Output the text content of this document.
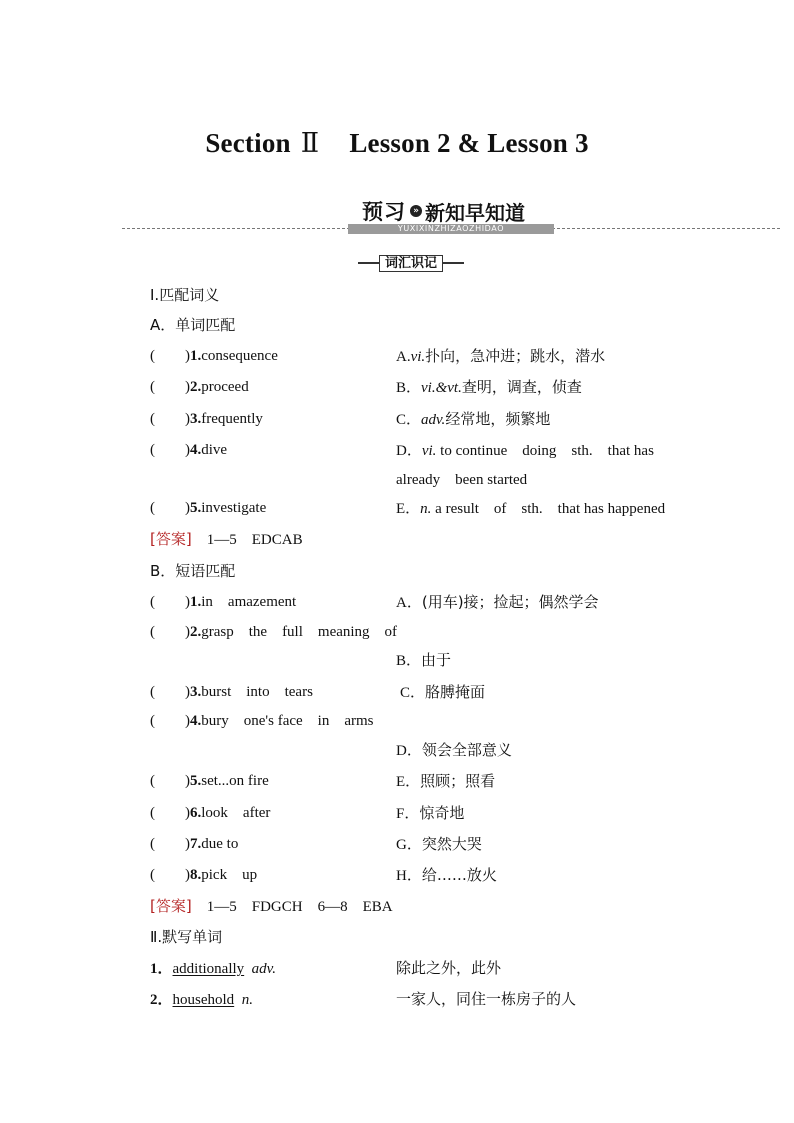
Section Ⅱ Lesson 2 & Lesson 3
预习 » 新知早知道
YUXIXINZHIZAOZHIDAO
词汇识记
Ⅰ.匹配词义
A．单词匹配
(　　)1.consequence
(　　)2.proceed
(　　)3.frequently
(　　)4.dive
(　　)5.investigate
A.vi.扑向，急冲进；跳水，潜水
B．vi.&vt.查明，调查，侦查
C．adv.经常地，频繁地
D．vi. to continue　doing　sth.　that has
already　been started
E．n. a result　of　sth.　that has happened
[答案]　 1—5　EDCAB
B．短语匹配
(　　)1.in　amazement
(　　)2.grasp　the　full　meaning　of
(　　)3.burst　into　tears
(　　)4.bury　one's face　in　arms
(　　)5.set...on fire
(　　)6.look　after
(　　)7.due to
(　　)8.pick　up
A．(用车)接；捡起；偶然学会
B．由于
C．胳膊掩面
D．领会全部意义
E．照顾；照看
F．惊奇地
G．突然大哭
H．给……放火
[答案]　 1—5　FDGCH　6—8　EBA
Ⅱ.默写单词
1．additionally adv.	除此之外，此外
2．household n.	一家人，同住一栋房子的人
